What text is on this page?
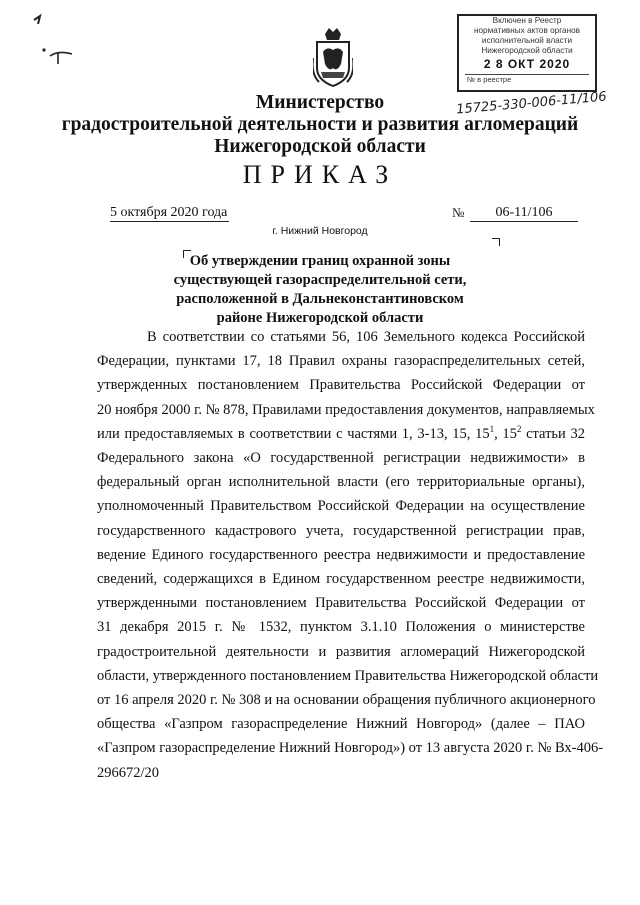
Включен в Реестр
нормативных актов органов
исполнительной власти
Нижегородской области
2 8 ОКТ 2020
№ в реестре
15725-330-006-11/106
Министерство
градостроительной деятельности и развития агломераций
Нижегородской области
ПРИКАЗ
5 октября 2020 года	№	06-11/106
г. Нижний Новгород
Об утверждении границ охранной зоны
существующей газораспределительной сети,
расположенной в Дальнеконстантиновском
районе Нижегородской области
В соответствии со статьями 56, 106 Земельного кодекса Российской
Федерации, пунктами 17, 18 Правил охраны газораспределительных сетей,
утвержденных постановлением Правительства Российской Федерации от
20 ноября 2000 г. № 878, Правилами предоставления документов, направляемых
или предоставляемых в соответствии с частями 1, 3-13, 15, $15^1$, $15^2$ статьи 32
Федерального закона «О государственной регистрации недвижимости» в
федеральный орган исполнительной власти (его территориальные органы),
уполномоченный Правительством Российской Федерации на осуществление
государственного кадастрового учета, государственной регистрации прав,
ведение Единого государственного реестра недвижимости и предоставление
сведений, содержащихся в Едином государственном реестре недвижимости,
утвержденными постановлением Правительства Российской Федерации от
31 декабря 2015 г. № 1532, пунктом 3.1.10 Положения о министерстве
градостроительной деятельности и развития агломераций Нижегородской
области, утвержденного постановлением Правительства Нижегородской области
от 16 апреля 2020 г. № 308 и на основании обращения публичного акционерного
общества «Газпром газораспределение Нижний Новгород» (далее – ПАО
«Газпром газораспределение Нижний Новгород») от 13 августа 2020 г. № Вх-406-
296672/20
